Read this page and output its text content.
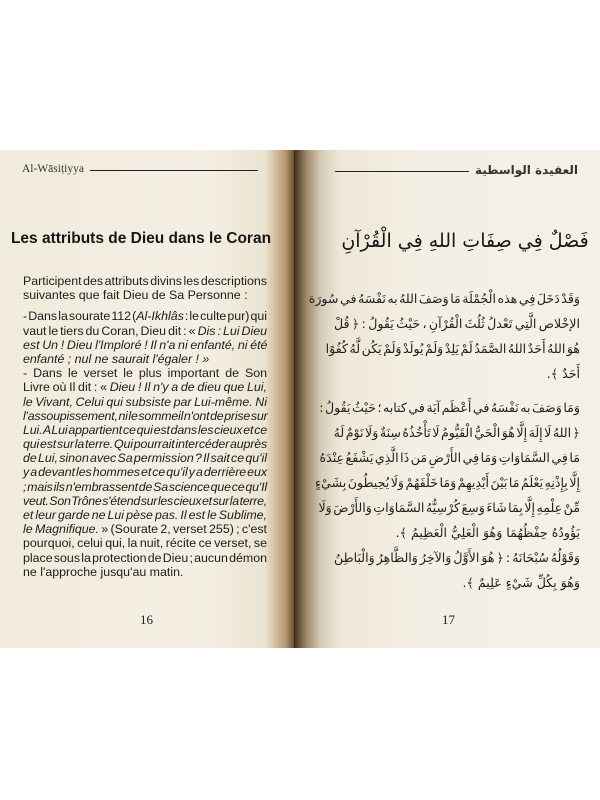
Al-Wāsiṭiyya
Les attributs de Dieu dans le Coran
Participent des attributs divins les descriptions
suivantes que fait Dieu de Sa Personne :
- Dans la sourate 112 (Al-Ikhlâs : le culte pur) qui
vaut le tiers du Coran, Dieu dit : « Dis : Lui Dieu
est Un ! Dieu l'Imploré ! Il n'a ni enfanté, ni été
enfanté ; nul ne saurait l'égaler ! »
- Dans le verset le plus important de Son
Livre où Il dit : « Dieu ! Il n'y a de dieu que Lui,
le Vivant, Celui qui subsiste par Lui-même. Ni
l'assoupissement, ni le sommeil n'ont de prise sur
Lui. A Lui appartient ce qui est dans les cieux et ce
qui est sur la terre. Qui pourrait intercéder auprès
de Lui, sinon avec Sa permission ? Il sait ce qu'il
y a devant les hommes et ce qu'il y a derrière eux
; mais ils n'embrassent de Sa science que ce qu'Il
veut. Son Trône s'étend sur les cieux et sur la terre,
et leur garde ne Lui pèse pas. Il est le Sublime,
le Magnifique. » (Sourate 2, verset 255) ; c'est
pourquoi, celui qui, la nuit, récite ce verset, se
place sous la protection de Dieu ; aucun démon
ne l'approche jusqu'au matin.
16
العقيدة الواسطية
فَصْلٌ فِي صِفَاتِ اللهِ فِي الْقُرْآنِ
وَقَدْ دَخَلَ فِي هذه الْجُمْلَة مَا وَصَفَ اللهُ به نَفْسَهُ في سُورَة
الإخْلاص الَّتِي تَعْدلُ ثُلُثَ الْقُرْآنِ ، حَيْثُ يَقُولُ : ﴿ قُلْ
هُوَ اللهُ أَحَدٌ اللهُ الصَّمَدُ لَمْ يَلِدْ وَلَمْ يُولَدْ وَلَمْ يَكُن لَّهُ كُفُوًا
أَحَدٌ ﴾.
وَمَا وَصَفَ به نَفْسَهُ في أَعْظَم آيَة في كتابه ؛ حَيْثُ يَقُولُ :
﴿ اللهُ لَا إِلَهَ إِلَّا هُوَ الْحَيُّ الْقَيُّومُ لَا تَأْخُذُهُ سِنَةٌ وَلَا نَوْمٌ لَهُ
مَا فِي السَّمَاوَاتِ وَمَا فِي الأَرْضِ مَن ذَا الَّذِي يَشْفَعُ عِنْدَهُ
إِلَّا بِإِذْنِهِ يَعْلَمُ مَا بَيْنَ أَيْدِيهِمْ وَمَا خَلْفَهُمْ وَلَا يُحِيطُونَ بِشَيْءٍ
مِّنْ عِلْمِهِ إِلَّا بِمَا شَاءَ وَسِعَ كُرْسِيُّهُ السَّمَاوَاتِ وَالأَرْضَ وَلَا
يَؤُودُهُ حِفْظُهُمَا وَهُوَ الْعَلِيُّ الْعَظِيمُ ﴾.
وَقَوْلُهُ سُبْحَانَهُ : ﴿ هُوَ الأَوَّلُ وَالآخِرُ وَالظَّاهِرُ وَالْبَاطِنُ
وَهُوَ بِكُلِّ شَيْءٍ عَلِيمٌ ﴾.
17
